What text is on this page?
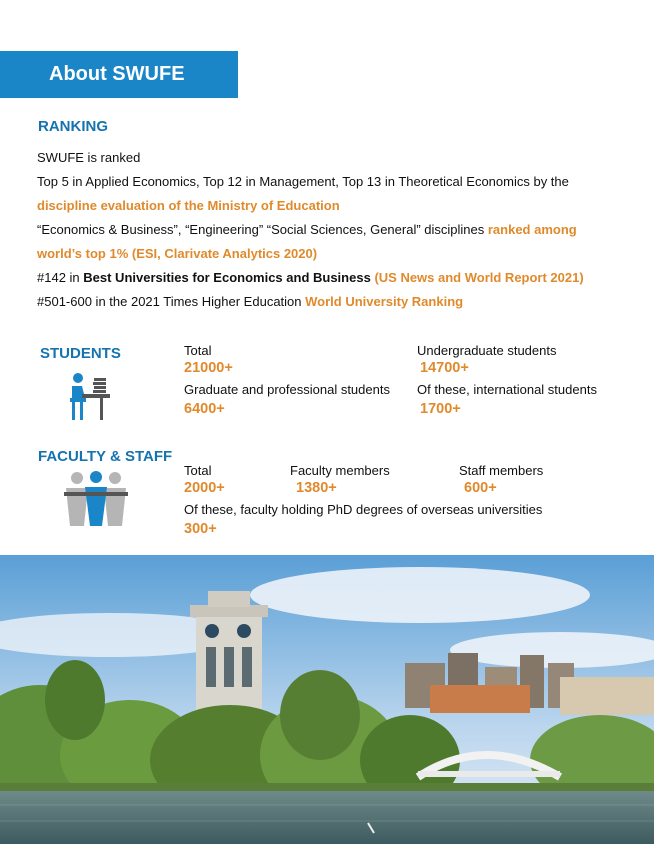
About SWUFE
RANKING
SWUFE is ranked
Top 5 in Applied Economics, Top 12 in Management, Top 13 in Theoretical Economics by the
discipline evaluation of the Ministry of Education
“Economics & Business”, “Engineering” “Social Sciences, General” disciplines ranked among
world’s top 1% (ESI, Clarivate Analytics 2020)
#142 in Best Universities for Economics and Business (US News and World Report 2021)
#501-600 in the 2021 Times Higher Education World University Ranking
STUDENTS	Total
21000+
Undergraduate students
14700+
Graduate and professional students
6400+
Of these, international students
1700+
FACULTY & STAFF
Total
2000+
Faculty members
1380+
Staff members
600+
Of these, faculty holding PhD degrees of overseas universities
300+
